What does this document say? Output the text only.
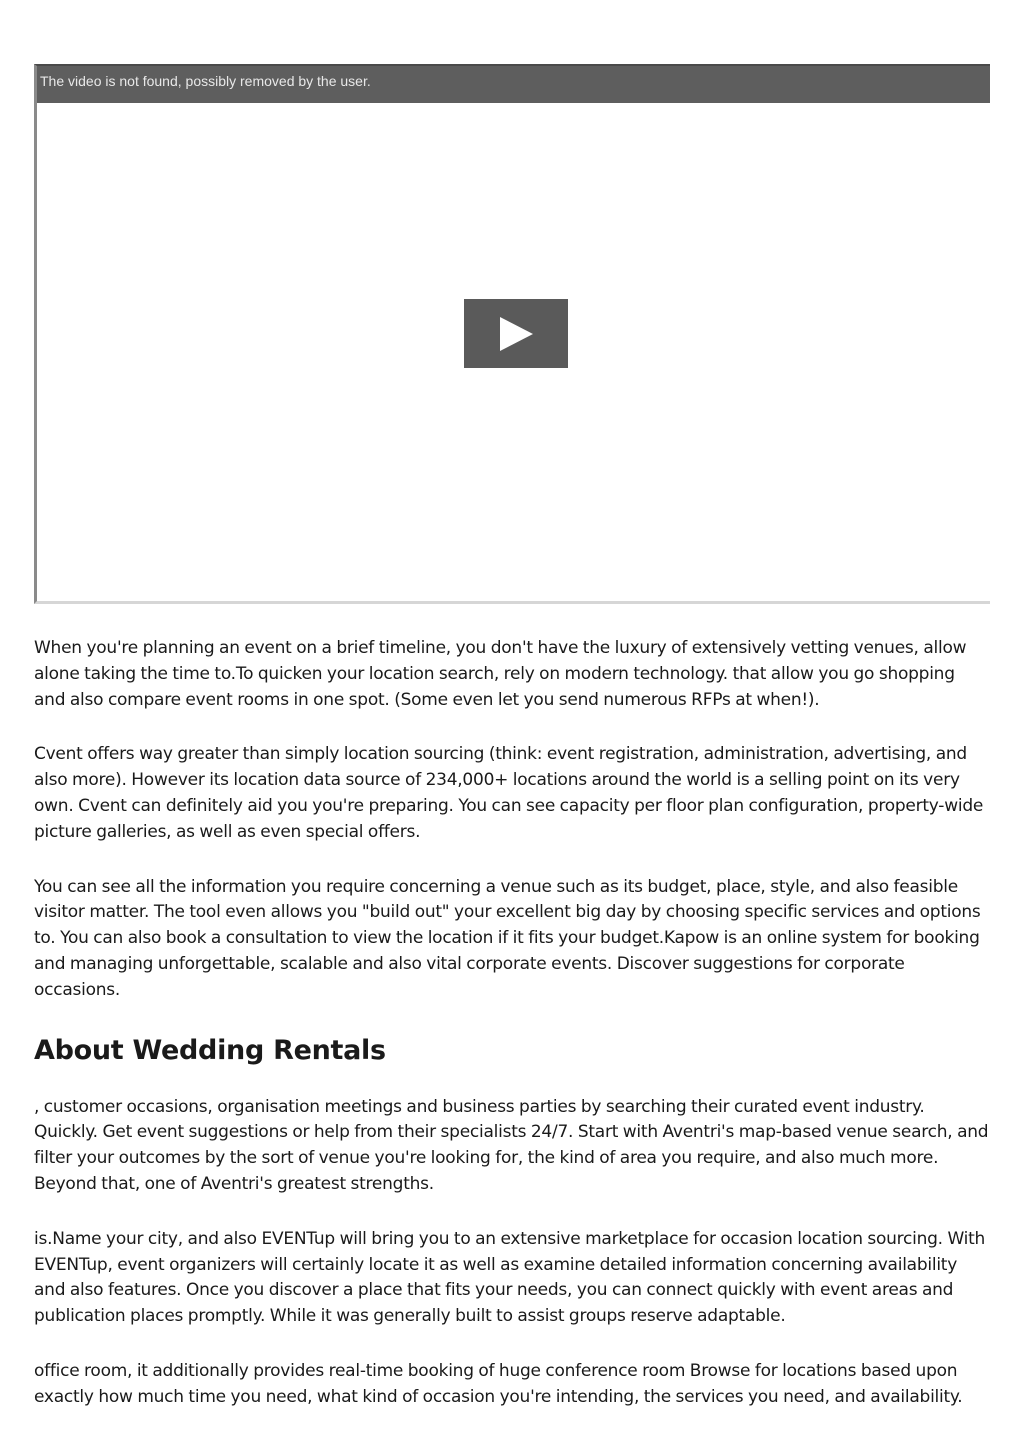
The video is not found, possibly removed by the user.

When you're planning an event on a brief timeline, you don't have the luxury of extensively vetting venues, allow alone taking the time to.To quicken your location search, rely on modern technology. that allow you go shopping and also compare event rooms in one spot. (Some even let you send numerous RFPs at when!).

Cvent offers way greater than simply location sourcing (think: event registration, administration, advertising, and also more). However its location data source of 234,000+ locations around the world is a selling point on its very own. Cvent can definitely aid you you're preparing. You can see capacity per floor plan configuration, property-wide picture galleries, as well as even special offers.

You can see all the information you require concerning a venue such as its budget, place, style, and also feasible visitor matter. The tool even allows you "build out" your excellent big day by choosing specific services and options to. You can also book a consultation to view the location if it fits your budget.Kapow is an online system for booking and managing unforgettable, scalable and also vital corporate events. Discover suggestions for corporate occasions.

About Wedding Rentals

, customer occasions, organisation meetings and business parties by searching their curated event industry. Quickly. Get event suggestions or help from their specialists 24/7. Start with Aventri's map-based venue search, and filter your outcomes by the sort of venue you're looking for, the kind of area you require, and also much more. Beyond that, one of Aventri's greatest strengths.

is.Name your city, and also EVENTup will bring you to an extensive marketplace for occasion location sourcing. With EVENTup, event organizers will certainly locate it as well as examine detailed information concerning availability and also features. Once you discover a place that fits your needs, you can connect quickly with event areas and publication places promptly. While it was generally built to assist groups reserve adaptable.

office room, it additionally provides real-time booking of huge conference room Browse for locations based upon exactly how much time you need, what kind of occasion you're intending, the services you need, and availability.
